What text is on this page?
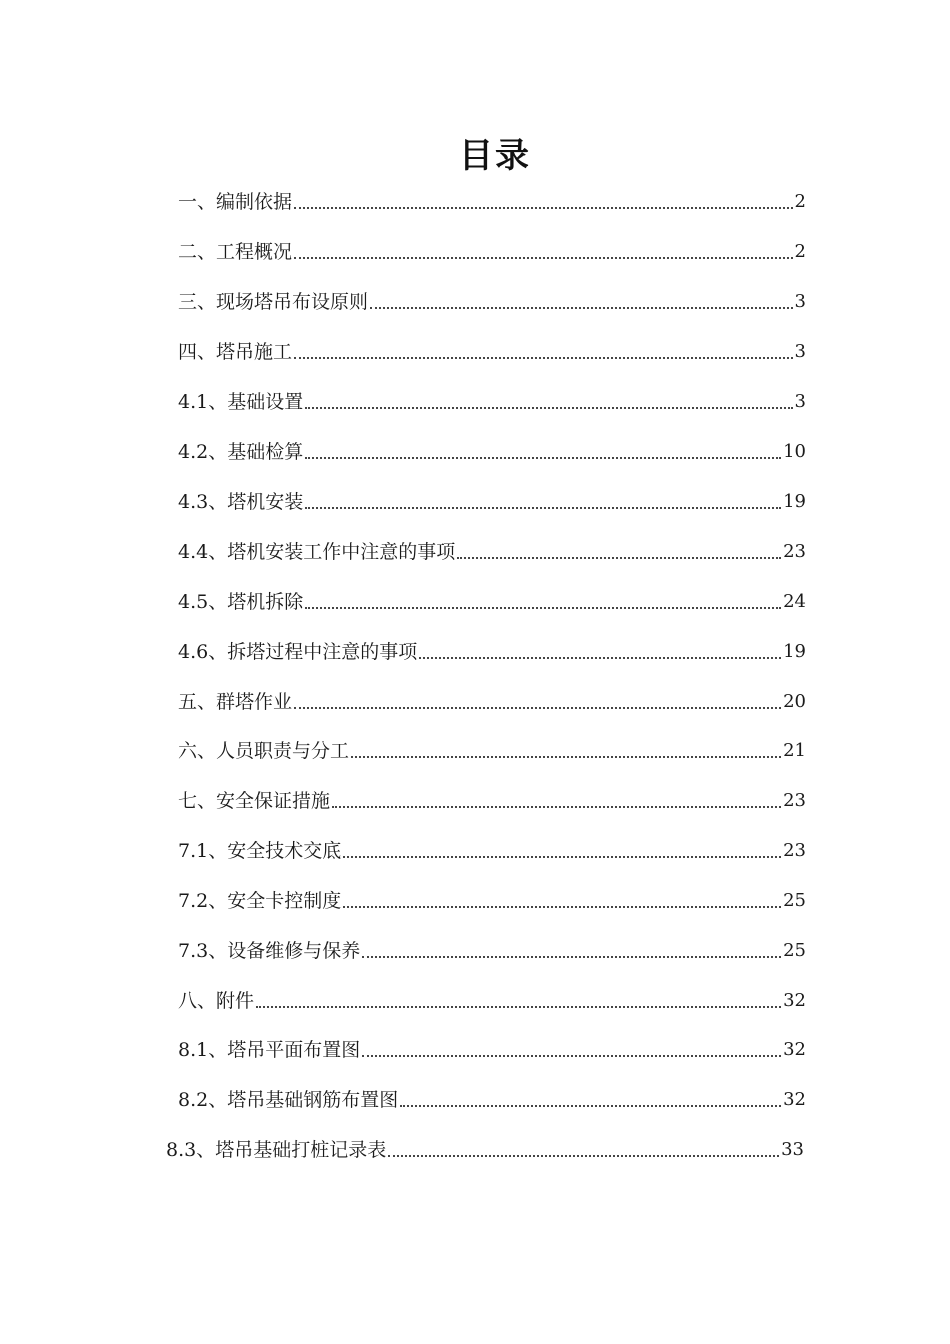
目录
一、编制依据	2
二、工程概况	2
三、现场塔吊布设原则	3
四、塔吊施工	3
4.1、基础设置	3
4.2、基础检算	10
4.3、塔机安装	19
4.4、塔机安装工作中注意的事项	23
4.5、塔机拆除	24
4.6、拆塔过程中注意的事项	19
五、群塔作业	20
六、人员职责与分工	21
七、安全保证措施	23
7.1、安全技术交底	23
7.2、安全卡控制度	25
7.3、设备维修与保养	25
八、附件	32
8.1、塔吊平面布置图	32
8.2、塔吊基础钢筋布置图	32
8.3、塔吊基础打桩记录表	33
